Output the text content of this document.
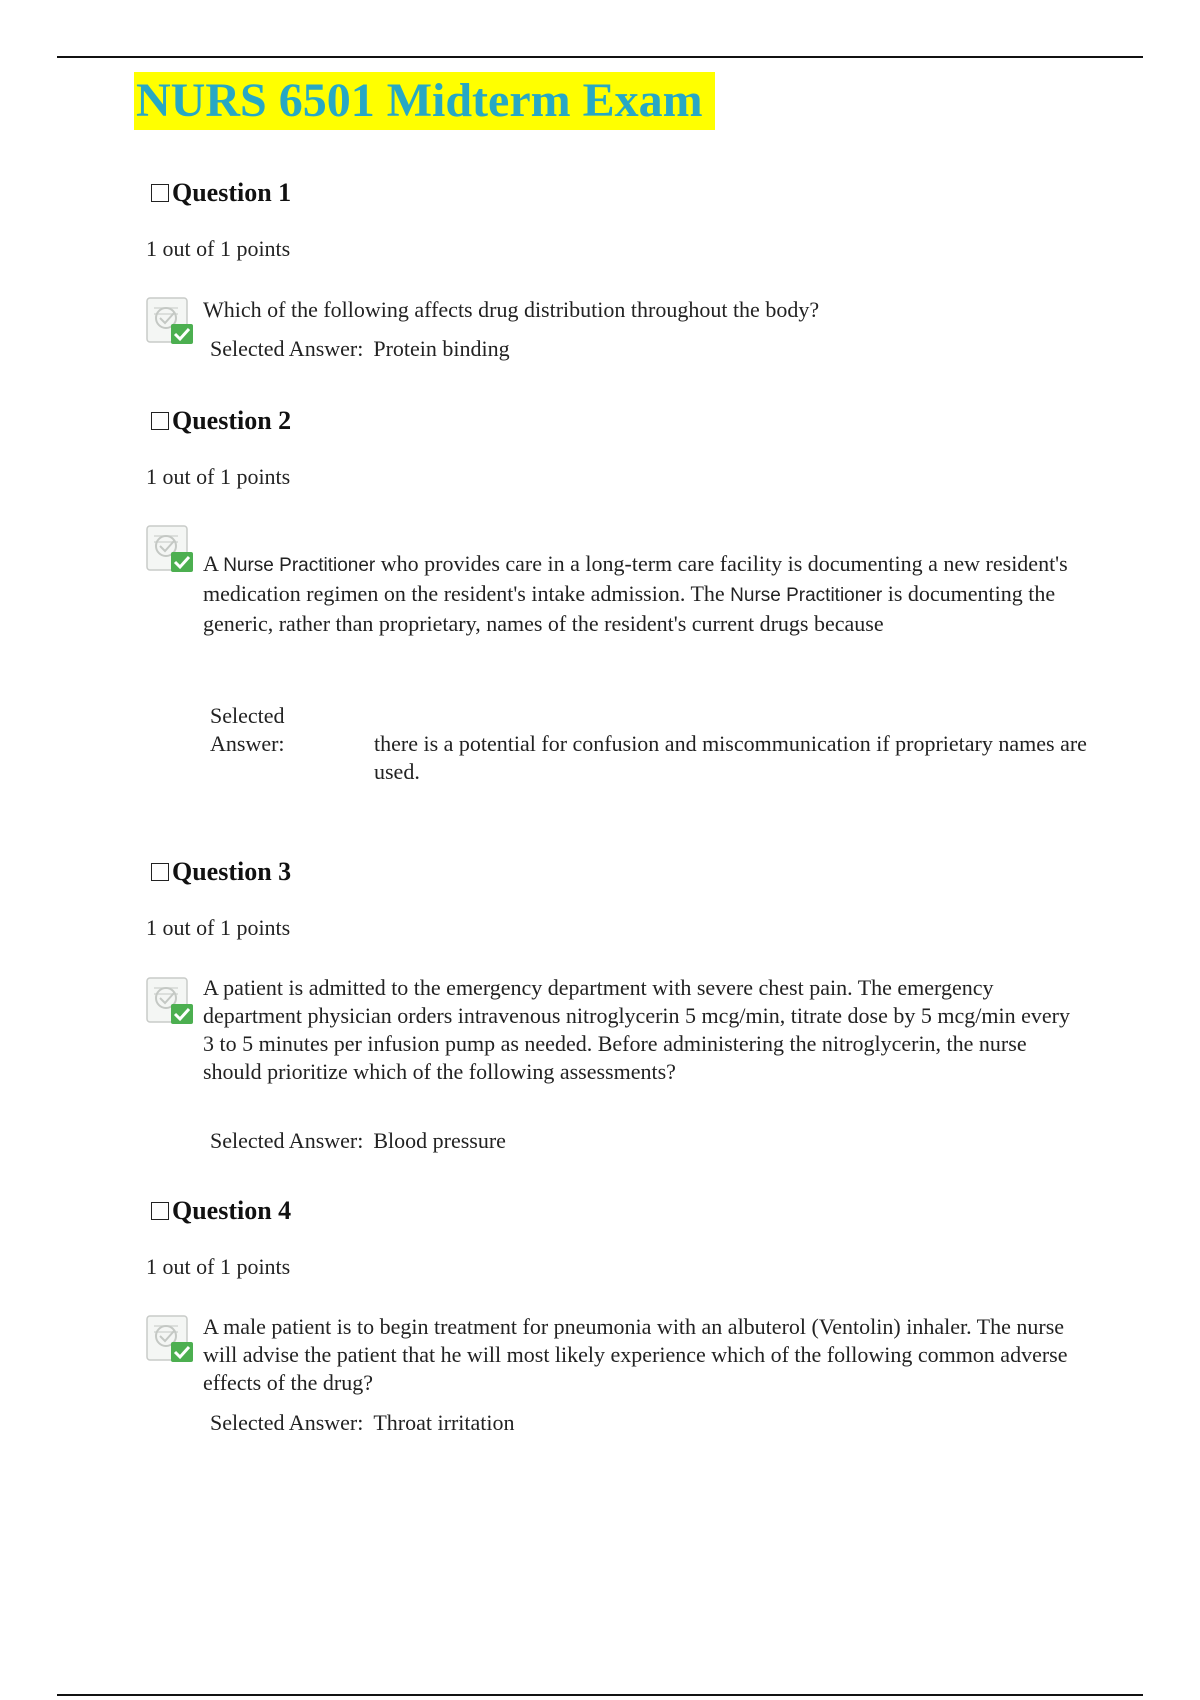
NURS 6501 Midterm Exam
Question 1
1 out of 1 points
Which of the following affects drug distribution throughout the body?
Selected Answer: Protein binding
Question 2
1 out of 1 points
A Nurse Practitioner who provides care in a long-term care facility is documenting a new resident's medication regimen on the resident's intake admission. The Nurse Practitioner is documenting the generic, rather than proprietary, names of the resident's current drugs because
Selected
Answer:	there is a potential for confusion and miscommunication if proprietary names are used.
Question 3
1 out of 1 points
A patient is admitted to the emergency department with severe chest pain. The emergency department physician orders intravenous nitroglycerin 5 mcg/min, titrate dose by 5 mcg/min every 3 to 5 minutes per infusion pump as needed. Before administering the nitroglycerin, the nurse should prioritize which of the following assessments?
Selected Answer: Blood pressure
Question 4
1 out of 1 points
A male patient is to begin treatment for pneumonia with an albuterol (Ventolin) inhaler. The nurse will advise the patient that he will most likely experience which of the following common adverse effects of the drug?
Selected Answer: Throat irritation
